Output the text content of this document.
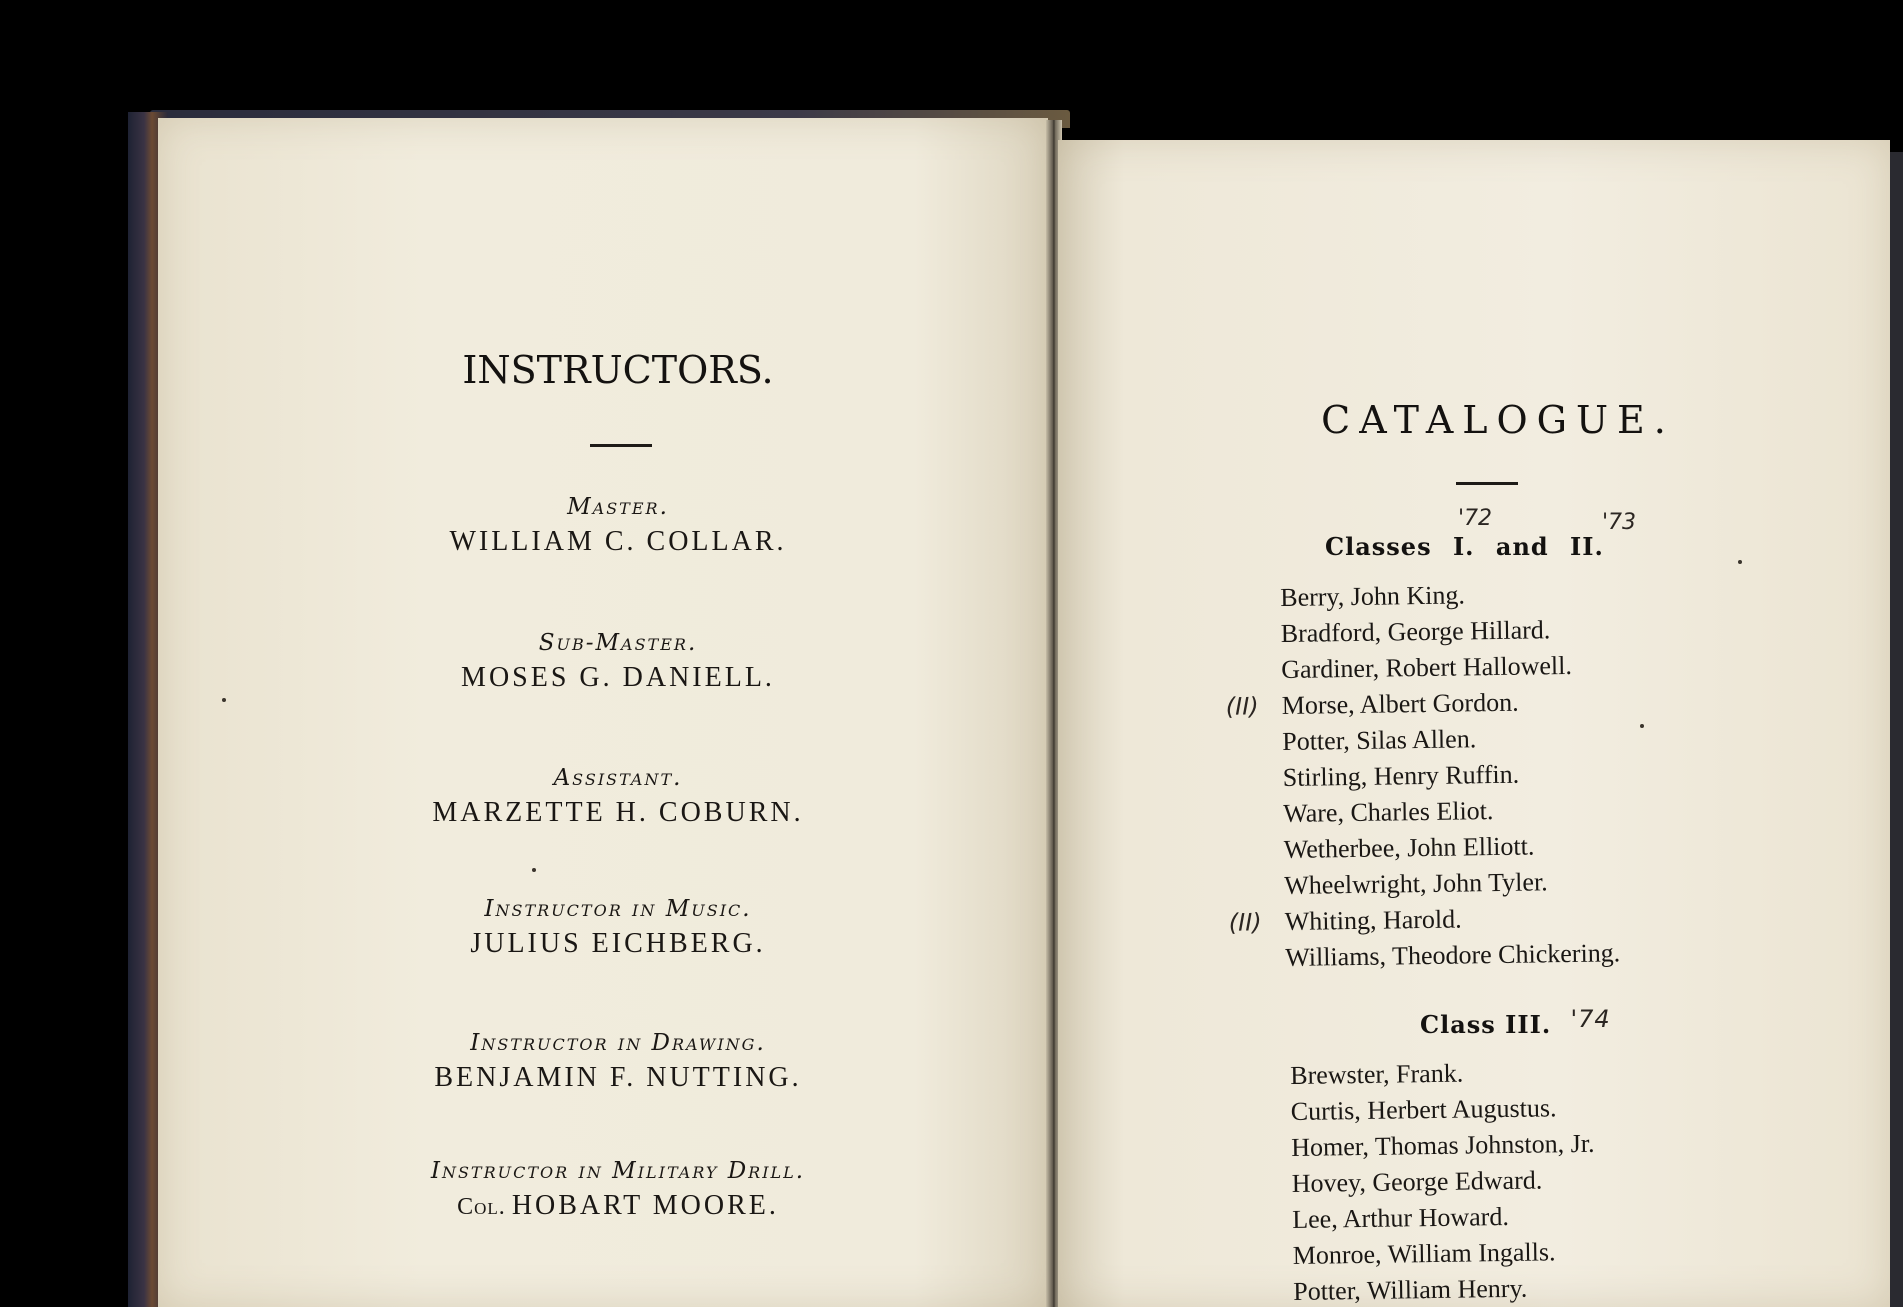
INSTRUCTORS.
Master.
WILLIAM C. COLLAR.
Sub-Master.
MOSES G. DANIELL.
Assistant.
MARZETTE H. COBURN.
Instructor in Music.
JULIUS EICHBERG.
Instructor in Drawing.
BENJAMIN F. NUTTING.
Instructor in Military Drill.
Col. HOBART MOORE.
CATALOGUE.
Classes I. and II.
'72	'73
Berry, John King.
Bradford, George Hillard.
Gardiner, Robert Hallowell.
(II) Morse, Albert Gordon.
Potter, Silas Allen.
Stirling, Henry Ruffin.
Ware, Charles Eliot.
Wetherbee, John Elliott.
Wheelwright, John Tyler.
(II) Whiting, Harold.
Williams, Theodore Chickering.
Class III. '74
Brewster, Frank.
Curtis, Herbert Augustus.
Homer, Thomas Johnston, Jr.
Hovey, George Edward.
Lee, Arthur Howard.
Monroe, William Ingalls.
Potter, William Henry.
